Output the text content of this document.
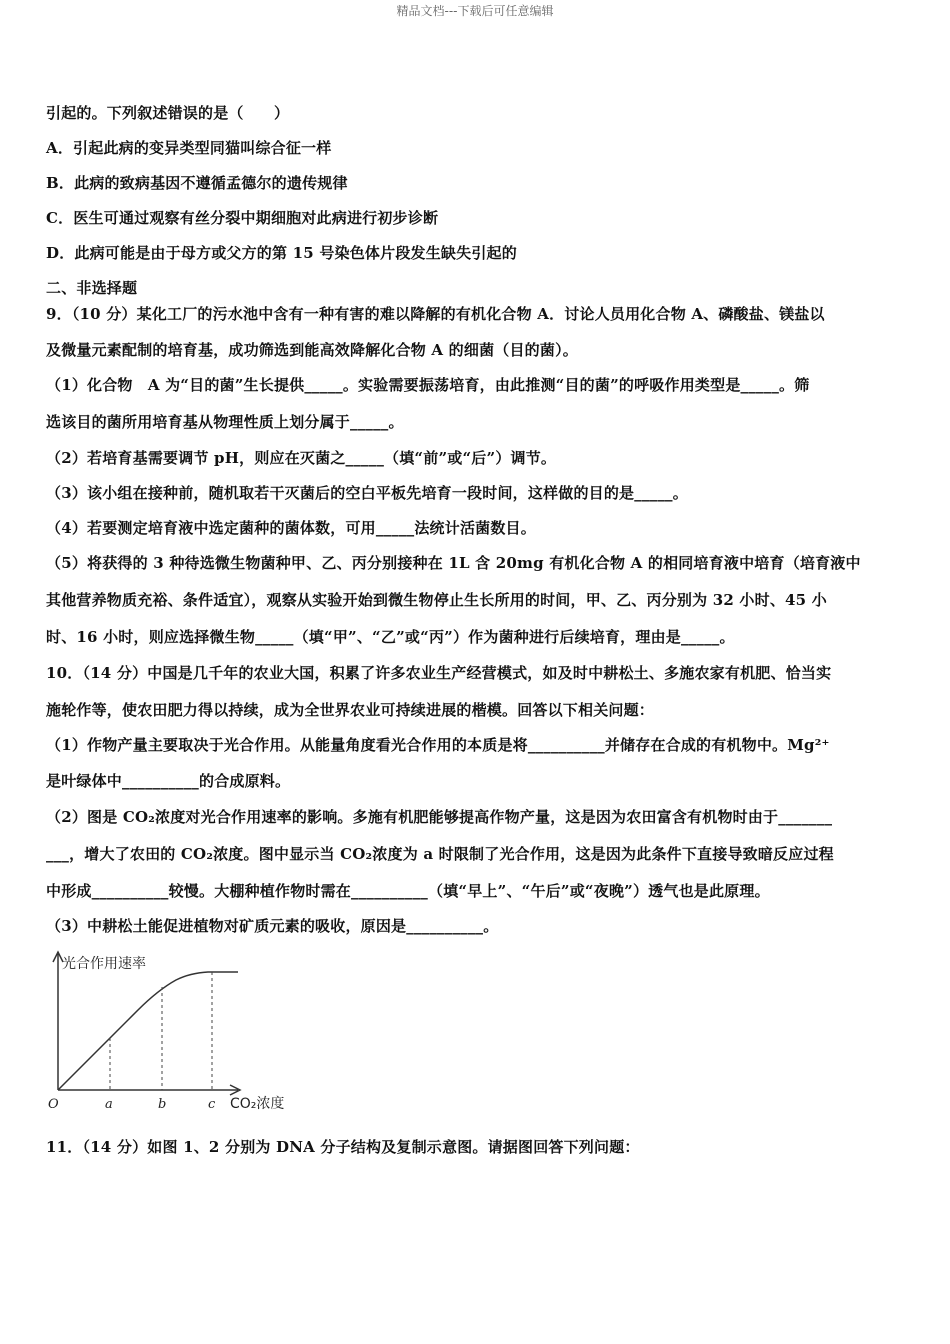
精品文档---下载后可任意编辑
引起的。下列叙述错误的是（　　）
A．引起此病的变异类型同猫叫综合征一样
B．此病的致病基因不遵循孟德尔的遗传规律
C．医生可通过观察有丝分裂中期细胞对此病进行初步诊断
D．此病可能是由于母方或父方的第 15 号染色体片段发生缺失引起的
二、非选择题
9．（10 分）某化工厂的污水池中含有一种有害的难以降解的有机化合物 A．讨论人员用化合物 A、磷酸盐、镁盐以
及微量元素配制的培育基，成功筛选到能高效降解化合物 A 的细菌（目的菌）。
（1）化合物　A 为“目的菌”生长提供_____。实验需要振荡培育，由此推测“目的菌”的呼吸作用类型是_____。筛
选该目的菌所用培育基从物理性质上划分属于_____。
（2）若培育基需要调节 pH，则应在灭菌之_____（填“前”或“后”）调节。
（3）该小组在接种前，随机取若干灭菌后的空白平板先培育一段时间，这样做的目的是_____。
（4）若要测定培育液中选定菌种的菌体数，可用_____法统计活菌数目。
（5）将获得的 3 种待选微生物菌种甲、乙、丙分别接种在 1L 含 20mg 有机化合物 A 的相同培育液中培育（培育液中
其他营养物质充裕、条件适宜），观察从实验开始到微生物停止生长所用的时间，甲、乙、丙分别为 32 小时、45 小
时、16 小时，则应选择微生物_____（填“甲”、“乙”或“丙”）作为菌种进行后续培育，理由是_____。
10．（14 分）中国是几千年的农业大国，积累了许多农业生产经营模式，如及时中耕松土、多施农家有机肥、恰当实
施轮作等，使农田肥力得以持续，成为全世界农业可持续进展的楷模。回答以下相关问题：
（1）作物产量主要取决于光合作用。从能量角度看光合作用的本质是将__________并储存在合成的有机物中。Mg²⁺
是叶绿体中__________的合成原料。
（2）图是 CO₂浓度对光合作用速率的影响。多施有机肥能够提高作物产量，这是因为农田富含有机物时由于_______
___，增大了农田的 CO₂浓度。图中显示当 CO₂浓度为 a 时限制了光合作用，这是因为此条件下直接导致暗反应过程
中形成__________较慢。大棚种植作物时需在__________（填“早上”、“午后”或“夜晚”）透气也是此原理。
（3）中耕松土能促进植物对矿质元素的吸收，原因是__________。
光合作用速率
CO₂浓度
O	a	b	c
11．（14 分）如图 1、2 分别为 DNA 分子结构及复制示意图。请据图回答下列问题：
